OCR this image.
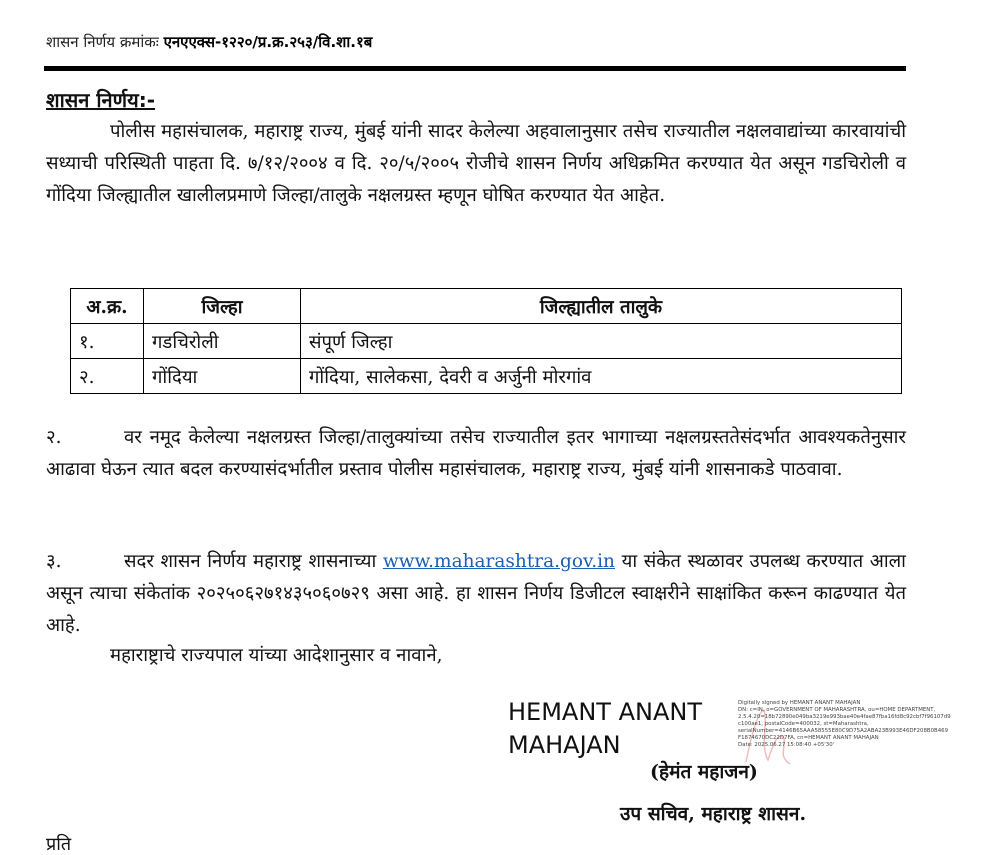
शासन निर्णय क्रमांकः एनएएक्स-१२२०/प्र.क्र.२५३/वि.शा.१ब
शासन निर्णय:-
पोलीस महासंचालक, महाराष्ट्र राज्य, मुंबई यांनी सादर केलेल्या अहवालानुसार तसेच राज्यातील नक्षलवाद्यांच्या कारवायांची सध्याची परिस्थिती पाहता दि. ७/१२/२००४ व दि. २०/५/२००५ रोजीचे शासन निर्णय अधिक्रमित करण्यात येत असून गडचिरोली व गोंदिया जिल्ह्यातील खालीलप्रमाणे जिल्हा/तालुके नक्षलग्रस्त म्हणून घोषित करण्यात येत आहेत.
अ.क्र.	जिल्हा	जिल्ह्यातील तालुके
१.	गडचिरोली	संपूर्ण जिल्हा
२.	गोंदिया	गोंदिया, सालेकसा, देवरी व अर्जुनी मोरगांव
२.	वर नमूद केलेल्या नक्षलग्रस्त जिल्हा/तालुक्यांच्या तसेच राज्यातील इतर भागाच्या नक्षलग्रस्ततेसंदर्भात आवश्यकतेनुसार आढावा घेऊन त्यात बदल करण्यासंदर्भातील प्रस्ताव पोलीस महासंचालक, महाराष्ट्र राज्य, मुंबई यांनी शासनाकडे पाठवावा.
३.	सदर शासन निर्णय महाराष्ट्र शासनाच्या www.maharashtra.gov.in या संकेत स्थळावर उपलब्ध करण्यात आला असून त्याचा संकेतांक २०२५०६२७१४३५०६०७२९ असा आहे. हा शासन निर्णय डिजीटल स्वाक्षरीने साक्षांकित करून काढण्यात येत आहे.
महाराष्ट्राचे राज्यपाल यांच्या आदेशानुसार व नावाने,
HEMANT ANANT
MAHAJAN
Digitally signed by HEMANT ANANT MAHAJAN
DN: c=IN, o=GOVERNMENT OF MAHARASHTRA, ou=HOME DEPARTMENT,
2.5.4.20=18b72890e049ba3219e993bae40e4fae87fba16fd8c92cbf7f96107d9
c100ae1, postalCode=400032, st=Maharashtra,
serialNumber=4146B65AAA58555E80C9D75A2ABA23B993E46DF208B0B469
F1874670DC22D7FA, cn=HEMANT ANANT MAHAJAN
Date: 2025.06.27 15:08:40 +05'30'
(हेमंत महाजन)
उप सचिव, महाराष्ट्र शासन.
प्रति
